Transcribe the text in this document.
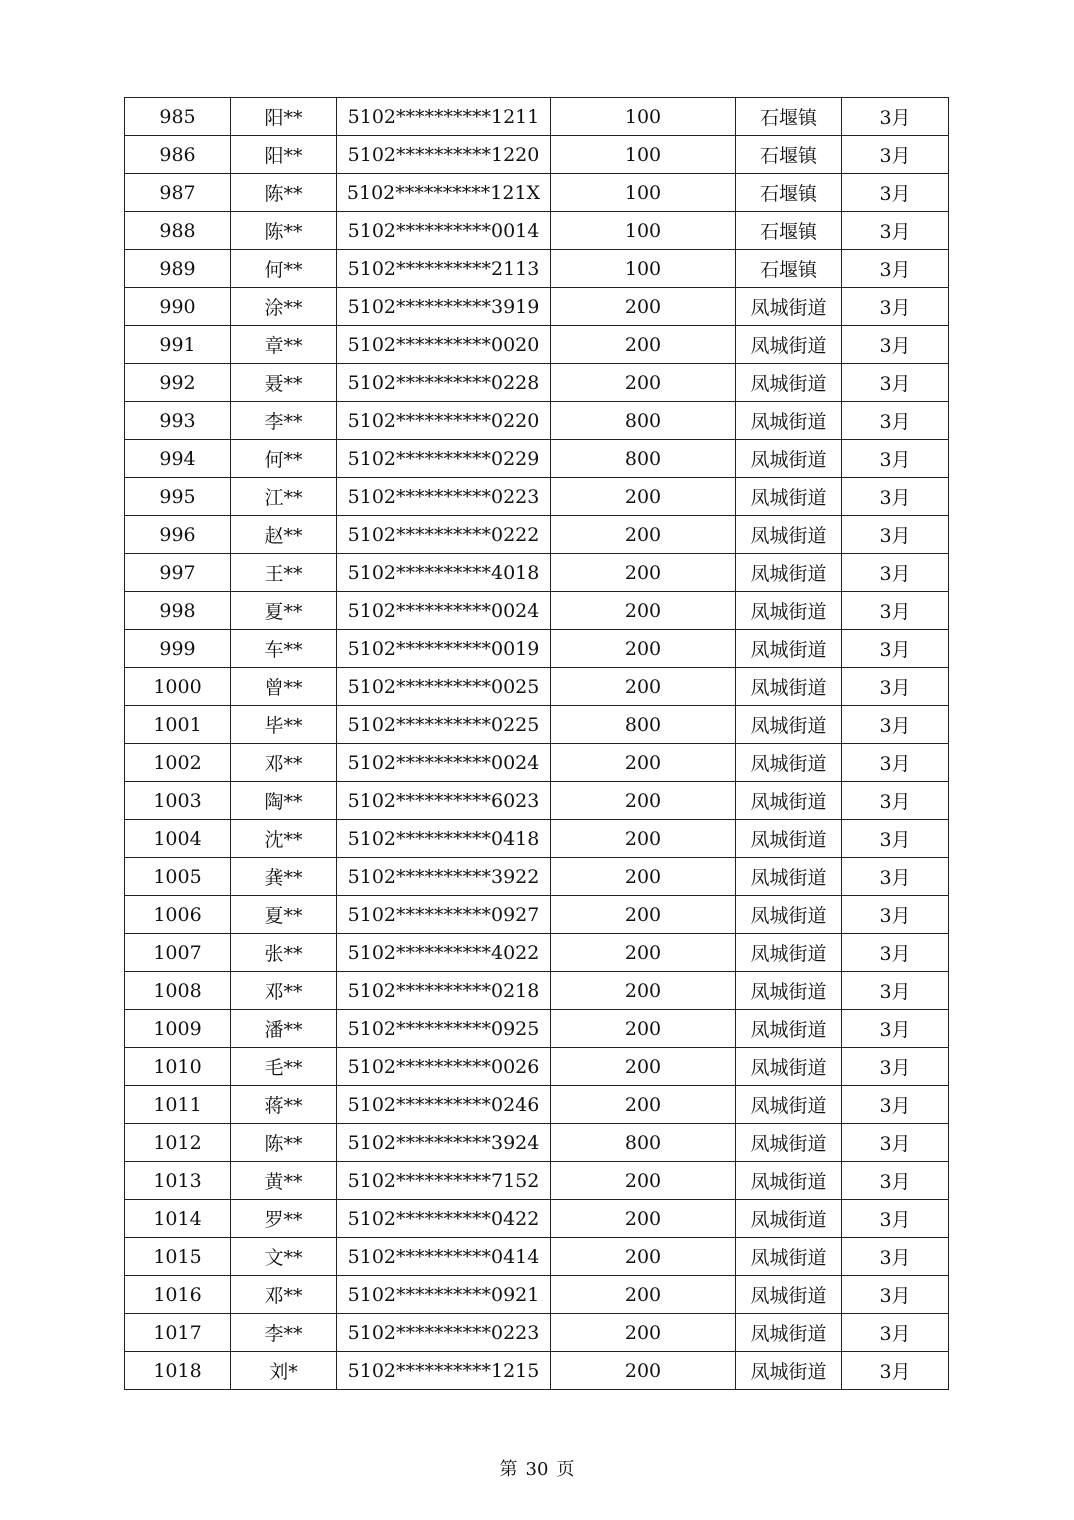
985	阳**	5102**********1211	100	石堰镇	3月
986	阳**	5102**********1220	100	石堰镇	3月
987	陈**	5102**********121X	100	石堰镇	3月
988	陈**	5102**********0014	100	石堰镇	3月
989	何**	5102**********2113	100	石堰镇	3月
990	涂**	5102**********3919	200	凤城街道	3月
991	章**	5102**********0020	200	凤城街道	3月
992	聂**	5102**********0228	200	凤城街道	3月
993	李**	5102**********0220	800	凤城街道	3月
994	何**	5102**********0229	800	凤城街道	3月
995	江**	5102**********0223	200	凤城街道	3月
996	赵**	5102**********0222	200	凤城街道	3月
997	王**	5102**********4018	200	凤城街道	3月
998	夏**	5102**********0024	200	凤城街道	3月
999	车**	5102**********0019	200	凤城街道	3月
1000	曾**	5102**********0025	200	凤城街道	3月
1001	毕**	5102**********0225	800	凤城街道	3月
1002	邓**	5102**********0024	200	凤城街道	3月
1003	陶**	5102**********6023	200	凤城街道	3月
1004	沈**	5102**********0418	200	凤城街道	3月
1005	龚**	5102**********3922	200	凤城街道	3月
1006	夏**	5102**********0927	200	凤城街道	3月
1007	张**	5102**********4022	200	凤城街道	3月
1008	邓**	5102**********0218	200	凤城街道	3月
1009	潘**	5102**********0925	200	凤城街道	3月
1010	毛**	5102**********0026	200	凤城街道	3月
1011	蒋**	5102**********0246	200	凤城街道	3月
1012	陈**	5102**********3924	800	凤城街道	3月
1013	黄**	5102**********7152	200	凤城街道	3月
1014	罗**	5102**********0422	200	凤城街道	3月
1015	文**	5102**********0414	200	凤城街道	3月
1016	邓**	5102**********0921	200	凤城街道	3月
1017	李**	5102**********0223	200	凤城街道	3月
1018	刘*	5102**********1215	200	凤城街道	3月
第 30 页
